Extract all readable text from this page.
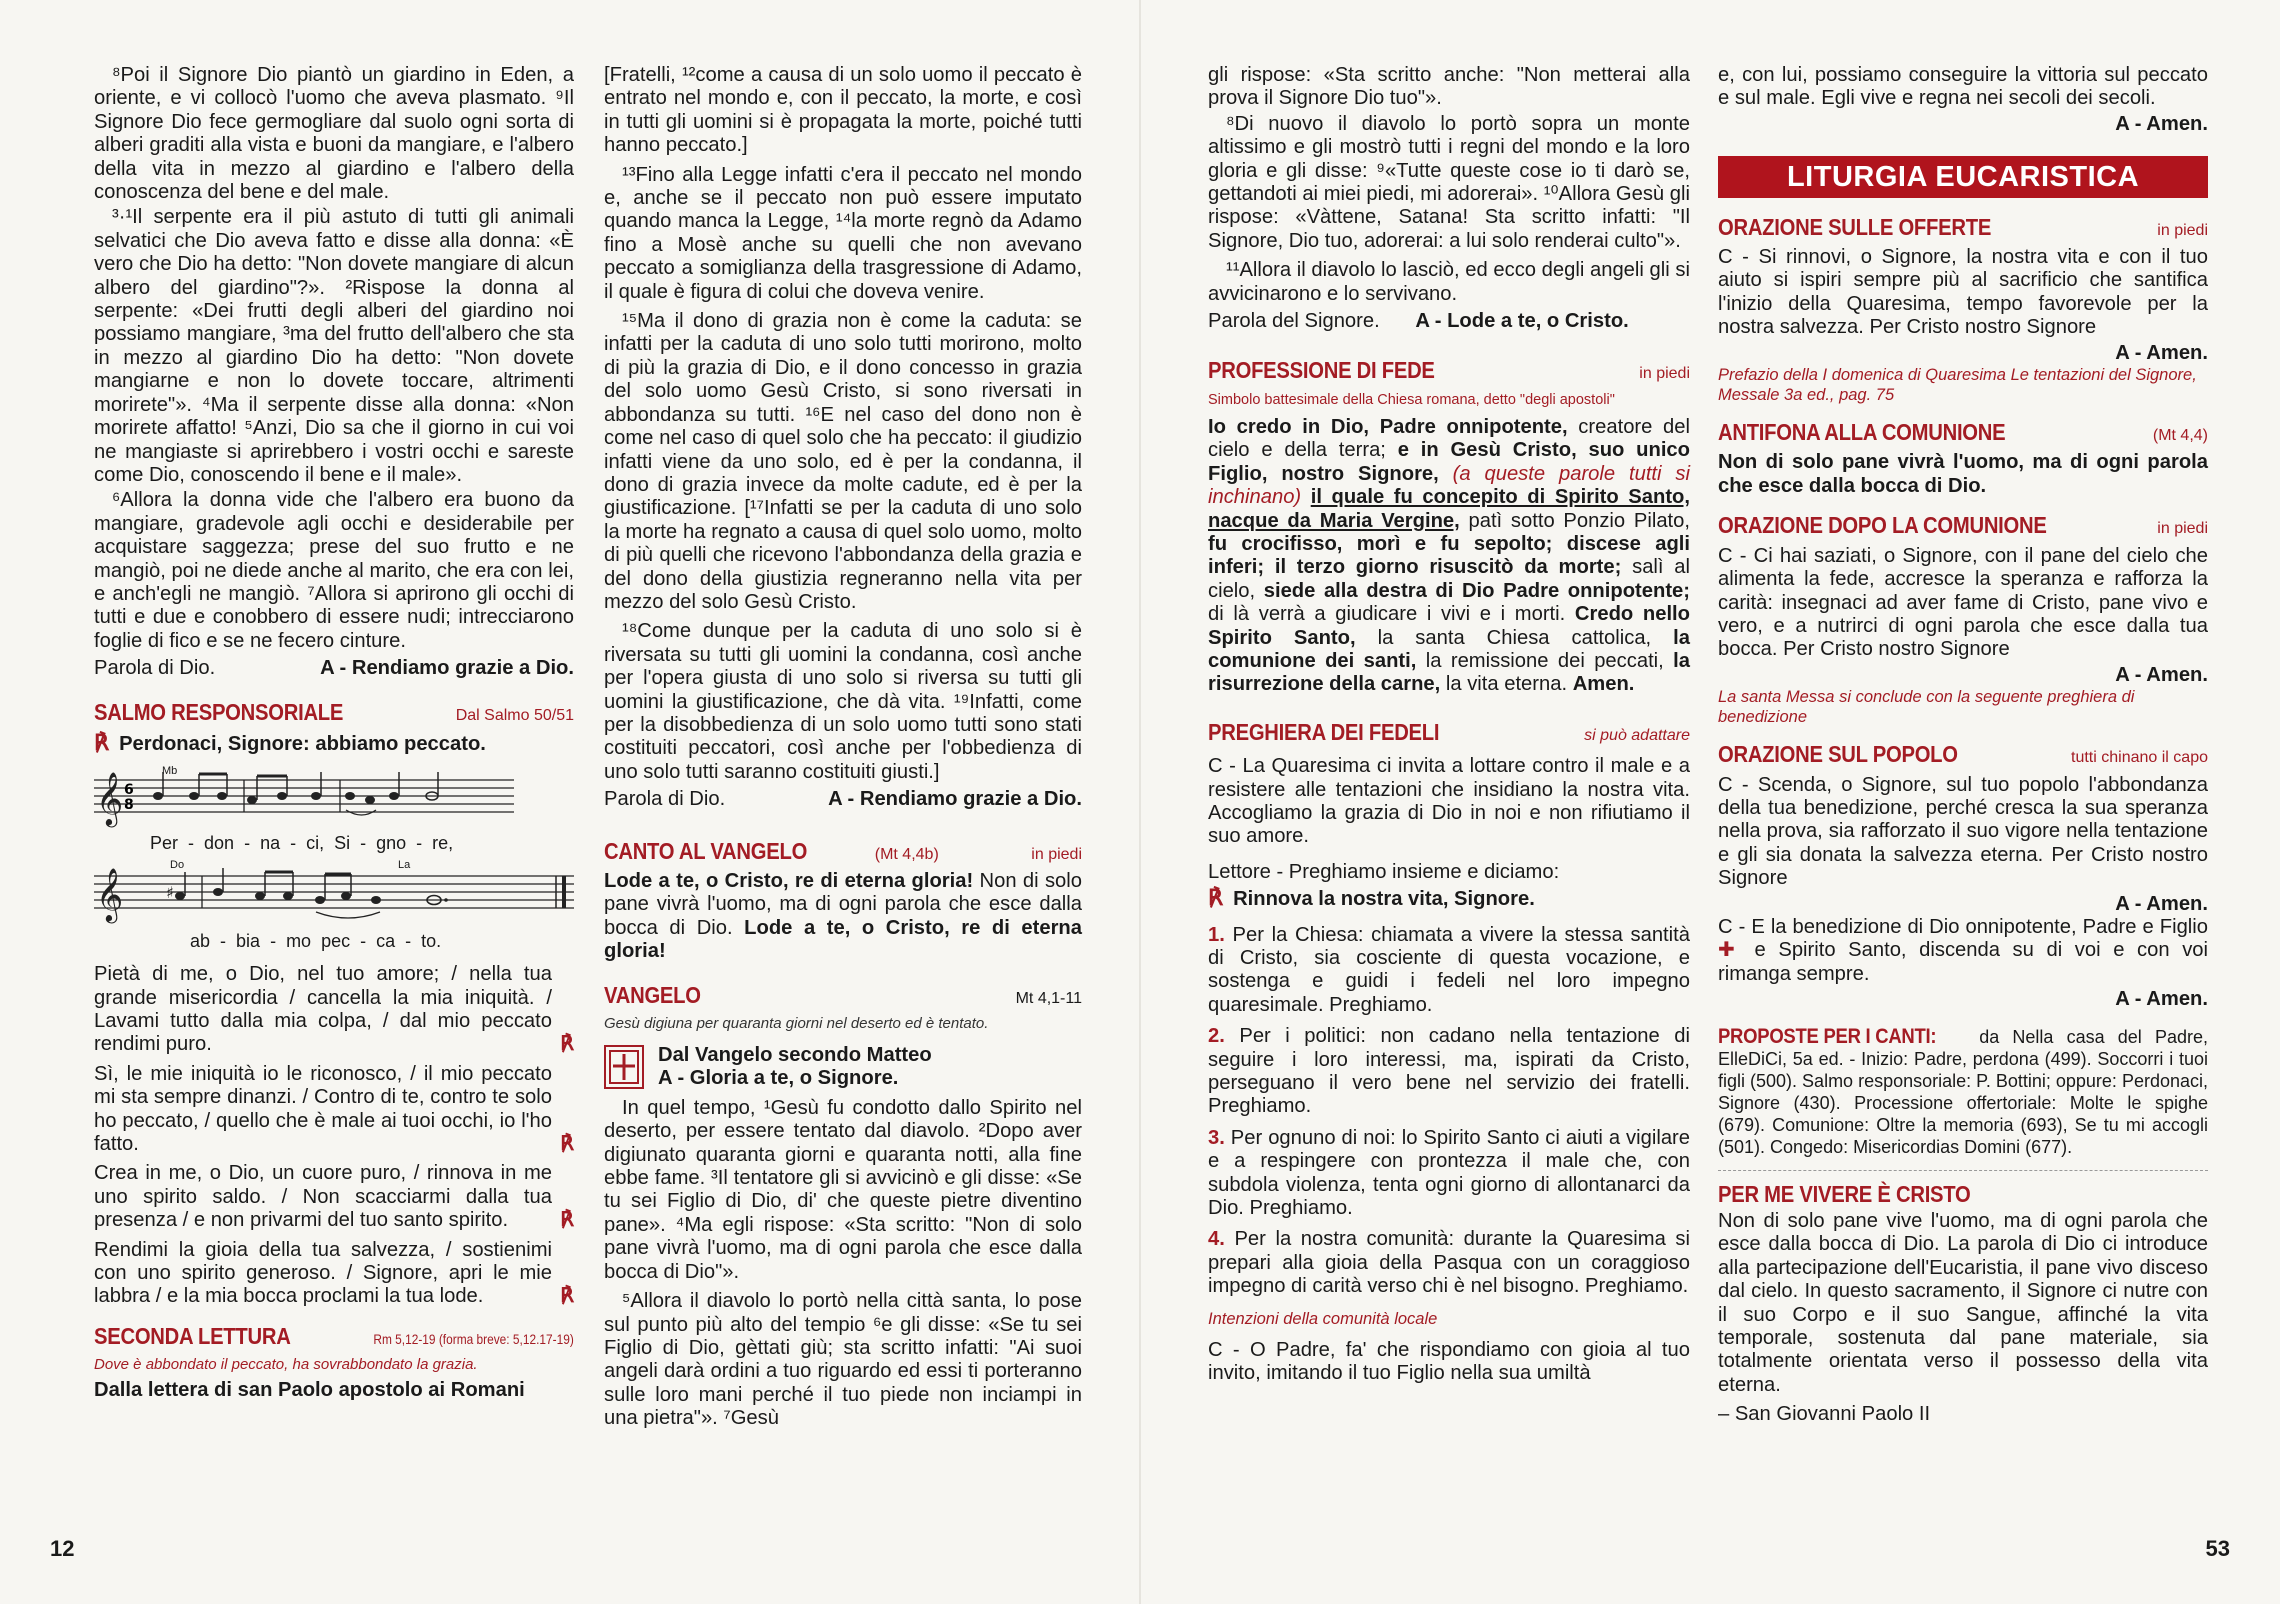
⁸Poi il Signore Dio piantò un giardino in Eden, a oriente, e vi collocò l'uomo che aveva plasmato. ⁹Il Signore Dio fece germogliare dal suolo ogni sorta di alberi graditi alla vista e buoni da mangiare, e l'albero della vita in mezzo al giardino e l'albero della conoscenza del bene e del male.

³·¹Il serpente era il più astuto di tutti gli animali selvatici che Dio aveva fatto e disse alla donna: «È vero che Dio ha detto: "Non dovete mangiare di alcun albero del giardino"?». ²Rispose la donna al serpente: «Dei frutti degli alberi del giardino noi possiamo mangiare, ³ma del frutto dell'albero che sta in mezzo al giardino Dio ha detto: "Non dovete mangiarne e non lo dovete toccare, altrimenti morirete"». ⁴Ma il serpente disse alla donna: «Non morirete affatto! ⁵Anzi, Dio sa che il giorno in cui voi ne mangiaste si aprirebbero i vostri occhi e sareste come Dio, conoscendo il bene e il male».

⁶Allora la donna vide che l'albero era buono da mangiare, gradevole agli occhi e desiderabile per acquistare saggezza; prese del suo frutto e ne mangiò, poi ne diede anche al marito, che era con lei, e anch'egli ne mangiò. ⁷Allora si aprirono gli occhi di tutti e due e conobbero di essere nudi; intrecciarono foglie di fico e se ne fecero cinture.

Parola di Dio.	A - Rendiamo grazie a Dio.
SALMO RESPONSORIALE	Dal Salmo 50/51
℟ Perdonaci, Signore: abbiamo peccato.
Mb
𝄞 6
8
Per - don - na - ci, Si - gno - re,
Do	La
𝄞	♯
ab - bia - mo pec - ca - to.

Pietà di me, o Dio, nel tuo amore; / nella tua grande misericordia / cancella la mia iniquità. / Lavami tutto dalla mia colpa, / dal mio peccato rendimi puro.	℟

Sì, le mie iniquità io le riconosco, / il mio peccato mi sta sempre dinanzi. / Contro di te, contro te solo ho peccato, / quello che è male ai tuoi occhi, io l'ho fatto.	℟

Crea in me, o Dio, un cuore puro, / rinnova in me uno spirito saldo. / Non scacciarmi dalla tua presenza / e non privarmi del tuo santo spirito.	℟

Rendimi la gioia della tua salvezza, / sostienimi con uno spirito generoso. / Signore, apri le mie labbra / e la mia bocca proclami la tua lode.	℟

SECONDA LETTURA	Rm 5,12-19 (forma breve: 5,12.17-19)
Dove è abbondato il peccato, ha sovrabbondato la grazia.
Dalla lettera di san Paolo apostolo ai Romani

[Fratelli, ¹²come a causa di un solo uomo il peccato è entrato nel mondo e, con il peccato, la morte, e così in tutti gli uomini si è propagata la morte, poiché tutti hanno peccato.]

¹³Fino alla Legge infatti c'era il peccato nel mondo e, anche se il peccato non può essere imputato quando manca la Legge, ¹⁴la morte regnò da Adamo fino a Mosè anche su quelli che non avevano peccato a somiglianza della trasgressione di Adamo, il quale è figura di colui che doveva venire.

¹⁵Ma il dono di grazia non è come la caduta: se infatti per la caduta di uno solo tutti morirono, molto di più la grazia di Dio, e il dono concesso in grazia del solo uomo Gesù Cristo, si sono riversati in abbondanza su tutti. ¹⁶E nel caso del dono non è come nel caso di quel solo che ha peccato: il giudizio infatti viene da uno solo, ed è per la condanna, il dono di grazia invece da molte cadute, ed è per la giustificazione. [¹⁷Infatti se per la caduta di uno solo la morte ha regnato a causa di quel solo uomo, molto di più quelli che ricevono l'abbondanza della grazia e del dono della giustizia regneranno nella vita per mezzo del solo Gesù Cristo.

¹⁸Come dunque per la caduta di uno solo si è riversata su tutti gli uomini la condanna, così anche per l'opera giusta di uno solo si riversa su tutti gli uomini la giustificazione, che dà vita. ¹⁹Infatti, come per la disobbedienza di un solo uomo tutti sono stati costituiti peccatori, così anche per l'obbedienza di uno solo tutti saranno costituiti giusti.]

Parola di Dio.	A - Rendiamo grazie a Dio.
CANTO AL VANGELO	(Mt 4,4b)	in piedi

Lode a te, o Cristo, re di eterna gloria! Non di solo pane vivrà l'uomo, ma di ogni parola che esce dalla bocca di Dio. Lode a te, o Cristo, re di eterna gloria!

VANGELO	Mt 4,1-11
Gesù digiuna per quaranta giorni nel deserto ed è tentato.
Dal Vangelo secondo Matteo
A - Gloria a te, o Signore.

In quel tempo, ¹Gesù fu condotto dallo Spirito nel deserto, per essere tentato dal diavolo. ²Dopo aver digiunato quaranta giorni e quaranta notti, alla fine ebbe fame. ³Il tentatore gli si avvicinò e gli disse: «Se tu sei Figlio di Dio, di' che queste pietre diventino pane». ⁴Ma egli rispose: «Sta scritto: "Non di solo pane vivrà l'uomo, ma di ogni parola che esce dalla bocca di Dio"».

⁵Allora il diavolo lo portò nella città santa, lo pose sul punto più alto del tempio ⁶e gli disse: «Se tu sei Figlio di Dio, gèttati giù; sta scritto infatti: "Ai suoi angeli darà ordini a tuo riguardo ed essi ti porteranno sulle loro mani perché il tuo piede non inciampi in una pietra"». ⁷Gesù

12

gli rispose: «Sta scritto anche: "Non metterai alla prova il Signore Dio tuo"».

⁸Di nuovo il diavolo lo portò sopra un monte altissimo e gli mostrò tutti i regni del mondo e la loro gloria e gli disse: ⁹«Tutte queste cose io ti darò se, gettandoti ai miei piedi, mi adorerai». ¹⁰Allora Gesù gli rispose: «Vàttene, Satana! Sta scritto infatti: "Il Signore, Dio tuo, adorerai: a lui solo renderai culto"».

¹¹Allora il diavolo lo lasciò, ed ecco degli angeli gli si avvicinarono e lo servivano.

Parola del Signore. A - Lode a te, o Cristo.
PROFESSIONE DI FEDE	in piedi
Simbolo battesimale della Chiesa romana, detto "degli apostoli"

Io credo in Dio, Padre onnipotente, creatore del cielo e della terra; e in Gesù Cristo, suo unico Figlio, nostro Signore, (a queste parole tutti si inchinano) il quale fu concepito di Spirito Santo, nacque da Maria Vergine, patì sotto Ponzio Pilato, fu crocifisso, morì e fu sepolto; discese agli inferi; il terzo giorno risuscitò da morte; salì al cielo, siede alla destra di Dio Padre onnipotente; di là verrà a giudicare i vivi e i morti. Credo nello Spirito Santo, la santa Chiesa cattolica, la comunione dei santi, la remissione dei peccati, la risurrezione della carne, la vita eterna. Amen.

PREGHIERA DEI FEDELI	si può adattare

C - La Quaresima ci invita a lottare contro il male e a resistere alle tentazioni che insidiano la nostra vita. Accogliamo la grazia di Dio in noi e non rifiutiamo il suo amore.

Lettore - Preghiamo insieme e diciamo:

℟ Rinnova la nostra vita, Signore.

1. Per la Chiesa: chiamata a vivere la stessa santità di Cristo, sia cosciente di questa vocazione, e sostenga e guidi i fedeli nel loro impegno quaresimale. Preghiamo.

2. Per i politici: non cadano nella tentazione di seguire i loro interessi, ma, ispirati da Cristo, perseguano il vero bene nel servizio dei fratelli. Preghiamo.

3. Per ognuno di noi: lo Spirito Santo ci aiuti a vigilare e a respingere con prontezza il male che, con subdola violenza, tenta ogni giorno di allontanarci da Dio. Preghiamo.

4. Per la nostra comunità: durante la Quaresima si prepari alla gioia della Pasqua con un coraggioso impegno di carità verso chi è nel bisogno. Preghiamo.

Intenzioni della comunità locale

C - O Padre, fa' che rispondiamo con gioia al tuo invito, imitando il tuo Figlio nella sua umiltà

e, con lui, possiamo conseguire la vittoria sul peccato e sul male. Egli vive e regna nei secoli dei secoli.

A - Amen.
LITURGIA EUCARISTICA
ORAZIONE SULLE OFFERTE	in piedi

C - Si rinnovi, o Signore, la nostra vita e con il tuo aiuto si ispiri sempre più al sacrificio che santifica l'inizio della Quaresima, tempo favorevole per la nostra salvezza. Per Cristo nostro Signore

A - Amen.
Prefazio della I domenica di Quaresima Le tentazioni del Signore, Messale 3a ed., pag. 75
ANTIFONA ALLA COMUNIONE	(Mt 4,4)

Non di solo pane vivrà l'uomo, ma di ogni parola che esce dalla bocca di Dio.

ORAZIONE DOPO LA COMUNIONE	in piedi

C - Ci hai saziati, o Signore, con il pane del cielo che alimenta la fede, accresce la speranza e rafforza la carità: insegnaci ad aver fame di Cristo, pane vivo e vero, e a nutrirci di ogni parola che esce dalla tua bocca. Per Cristo nostro Signore

A - Amen.
La santa Messa si conclude con la seguente preghiera di benedizione
ORAZIONE SUL POPOLO	tutti chinano il capo

C - Scenda, o Signore, sul tuo popolo l'abbondanza della tua benedizione, perché cresca la sua speranza nella prova, sia rafforzato il suo vigore nella tentazione e gli sia donata la salvezza eterna. Per Cristo nostro Signore

A - Amen.

C - E la benedizione di Dio onnipotente, Padre e Figlio ✚ e Spirito Santo, discenda su di voi e con voi rimanga sempre.

A - Amen.

PROPOSTE PER I CANTI: da Nella casa del Padre, ElleDiCi, 5a ed. - Inizio: Padre, perdona (499). Soccorri i tuoi figli (500). Salmo responsoriale: P. Bottini; oppure: Perdonaci, Signore (430). Processione offertoriale: Molte le spighe (679). Comunione: Oltre la memoria (693), Se tu mi accogli (501). Congedo: Misericordias Domini (677).

PER ME VIVERE È CRISTO

Non di solo pane vive l'uomo, ma di ogni parola che esce dalla bocca di Dio. La parola di Dio ci introduce alla partecipazione dell'Eucaristia, il pane vivo disceso dal cielo. In questo sacramento, il Signore ci nutre con il suo Corpo e il suo Sangue, affinché la vita temporale, sostenuta dal pane materiale, sia totalmente orientata verso il possesso della vita eterna.

– San Giovanni Paolo II
53
